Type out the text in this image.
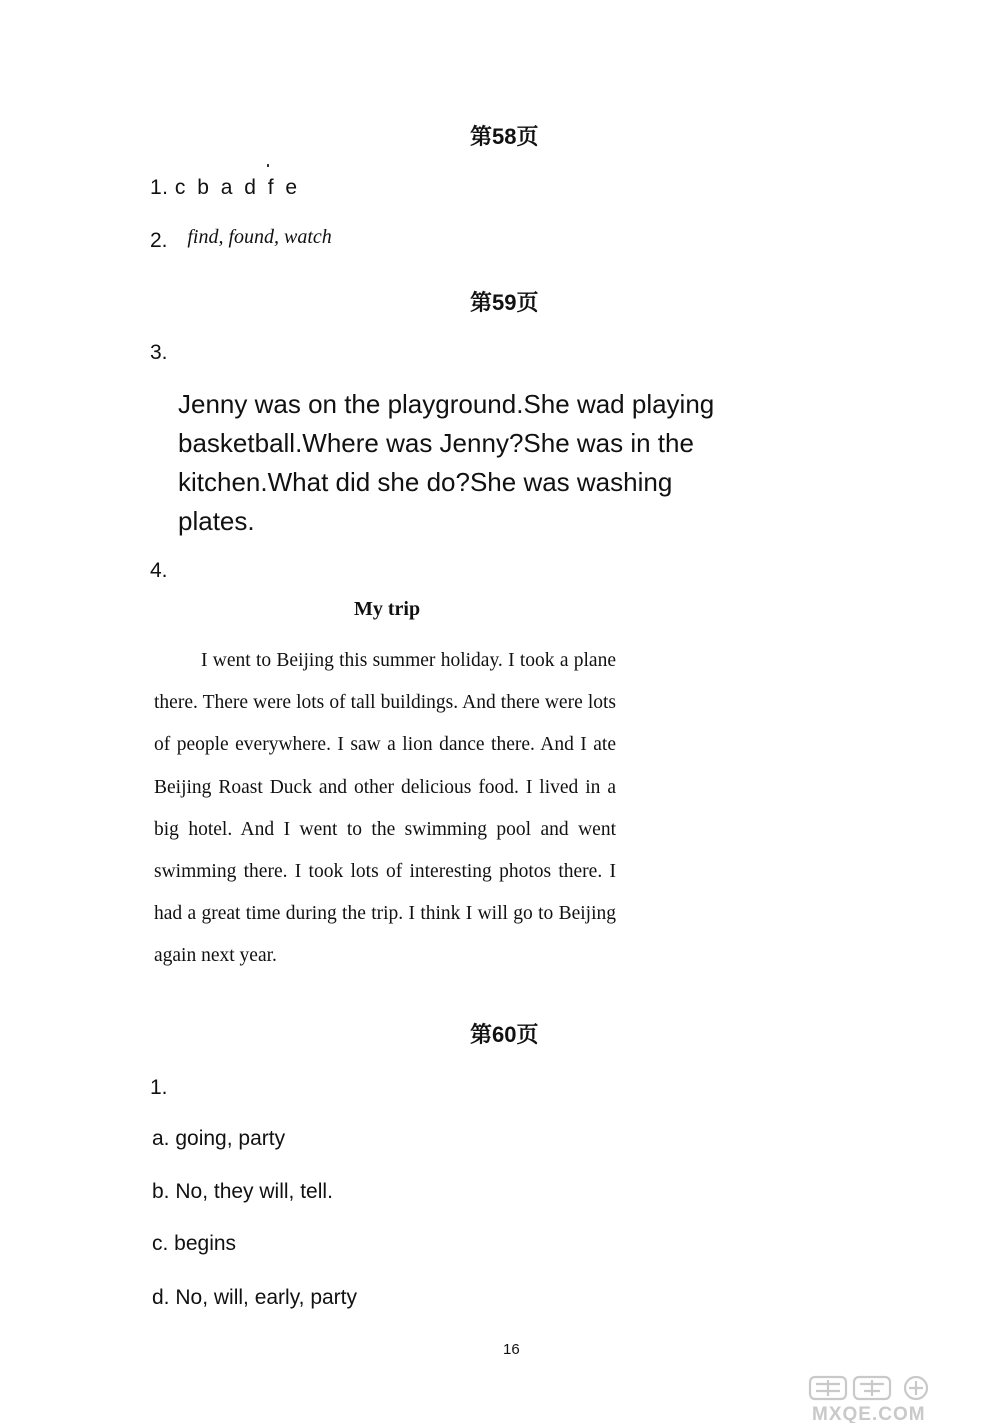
第58页

1. c b a d f e

2. find, found, watch

第59页

3.

Jenny was on the playground.She wad playing basketball.Where was Jenny?She was in the kitchen.What did she do?She was washing plates.

4.

My trip

I went to Beijing this summer holiday. I took a plane there. There were lots of tall buildings. And there were lots of people everywhere. I saw a lion dance there. And I ate Beijing Roast Duck and other delicious food. I lived in a big hotel. And I went to the swimming pool and went swimming there. I took lots of interesting photos there. I had a great time during the trip. I think I will go to Beijing again next year.

第60页

1.

a. going, party

b. No, they will, tell.

c. begins

d. No, will, early, party

16

MXQE.COM
